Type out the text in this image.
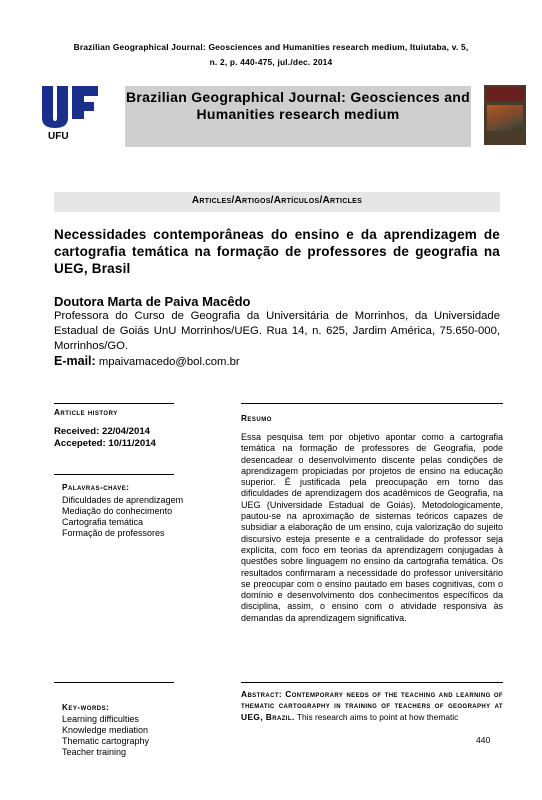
Brazilian Geographical Journal: Geosciences and Humanities research medium, Ituiutaba, v. 5,
n. 2, p. 440-475, jul./dec. 2014
UFU
Brazilian Geographical Journal: Geosciences and Humanities research medium
Articles/Artigos/Artículos/Articles
Necessidades contemporâneas do ensino e da aprendizagem de cartografia temática na formação de professores de geografia na UEG, Brasil
Doutora Marta de Paiva Macêdo
Professora do Curso de Geografia da Universitária de Morrinhos, da Universidade Estadual de Goiás UnU Morrinhos/UEG. Rua 14, n. 625, Jardim América, 75.650-000, Morrinhos/GO.
E-mail: mpaivamacedo@bol.com.br
Article history
Received: 22/04/2014
Accepeted: 10/11/2014
Palavras-chave:
Dificuldades de aprendizagem
Mediação do conhecimento
Cartografia temática
Formação de professores
Resumo
Essa pesquisa tem por objetivo apontar como a cartografia temática na formação de professores de Geografia, pode desencadear o desenvolvimento discente pelas condições de aprendizagem propiciadas por projetos de ensino na educação superior. É justificada pela preocupação em torno das dificuldades de aprendizagem dos acadêmicos de Geografia, na UEG (Universidade Estadual de Goiás). Metodologicamente, pautou-se na aproximação de sistemas teóricos capazes de subsidiar a elaboração de um ensino, cuja valorização do sujeito discursivo esteja presente e a centralidade do professor seja explícita, com foco em teorias da aprendizagem conjugadas à questões sobre linguagem no ensino da cartografia temática. Os resultados confirmaram a necessidade do professor universitário se preocupar com o ensino pautado em bases cognitivas, com o domínio e desenvolvimento dos conhecimentos específicos da disciplina, assim, o ensino com o atividade responsiva às demandas da aprendizagem significativa.
Key-words:
Learning difficulties
Knowledge mediation
Thematic cartography
Teacher training
Abstract: Contemporary needs of the teaching and learning of thematic cartography in training of teachers of geography at UEG, Brazil. This research aims to point at how thematic
440
